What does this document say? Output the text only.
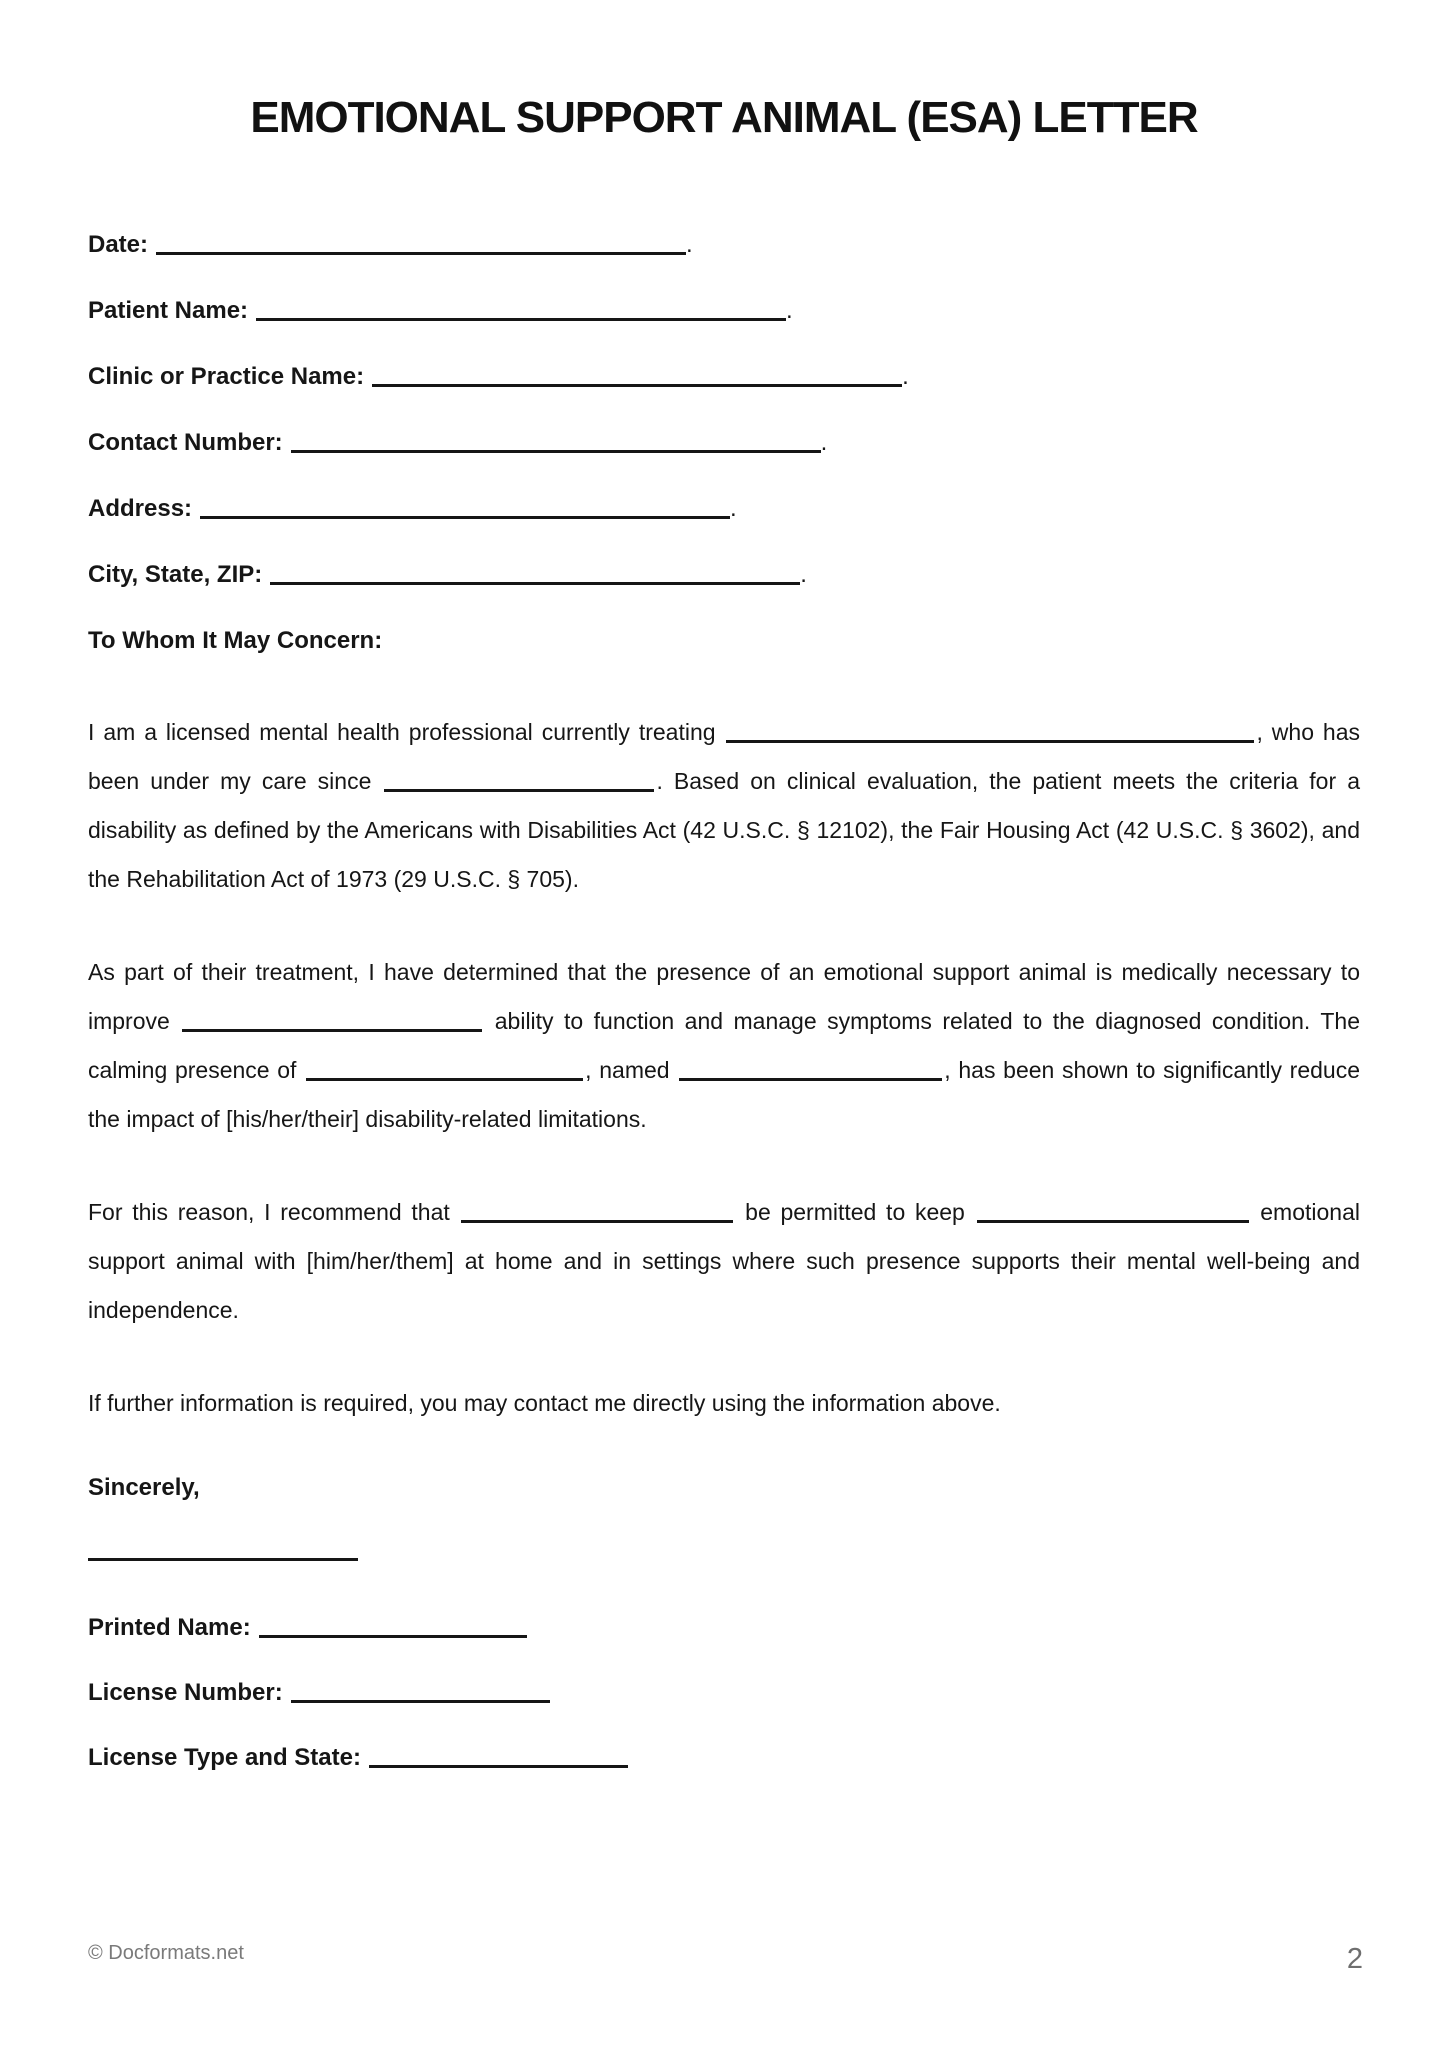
EMOTIONAL SUPPORT ANIMAL (ESA) LETTER
Date:	.
Patient Name:	.
Clinic or Practice Name:	.
Contact Number:	.
Address:	.
City, State, ZIP:	.
To Whom It May Concern:
I am a licensed mental health professional currently treating	, who has been under my care since	. Based on clinical evaluation, the patient meets the criteria for a disability as defined by the Americans with Disabilities Act (42 U.S.C. § 12102), the Fair Housing Act (42 U.S.C. § 3602), and the Rehabilitation Act of 1973 (29 U.S.C. § 705).
As part of their treatment, I have determined that the presence of an emotional support animal is medically necessary to improve	ability to function and manage symptoms related to the diagnosed condition. The calming presence of	, named	, has been shown to significantly reduce the impact of [his/her/their] disability-related limitations.
For this reason, I recommend that	be permitted to keep	emotional support animal with [him/her/them] at home and in settings where such presence supports their mental well-being and independence.
If further information is required, you may contact me directly using the information above.
Sincerely,
Printed Name:
License Number:
License Type and State:
© Docformats.net	2
